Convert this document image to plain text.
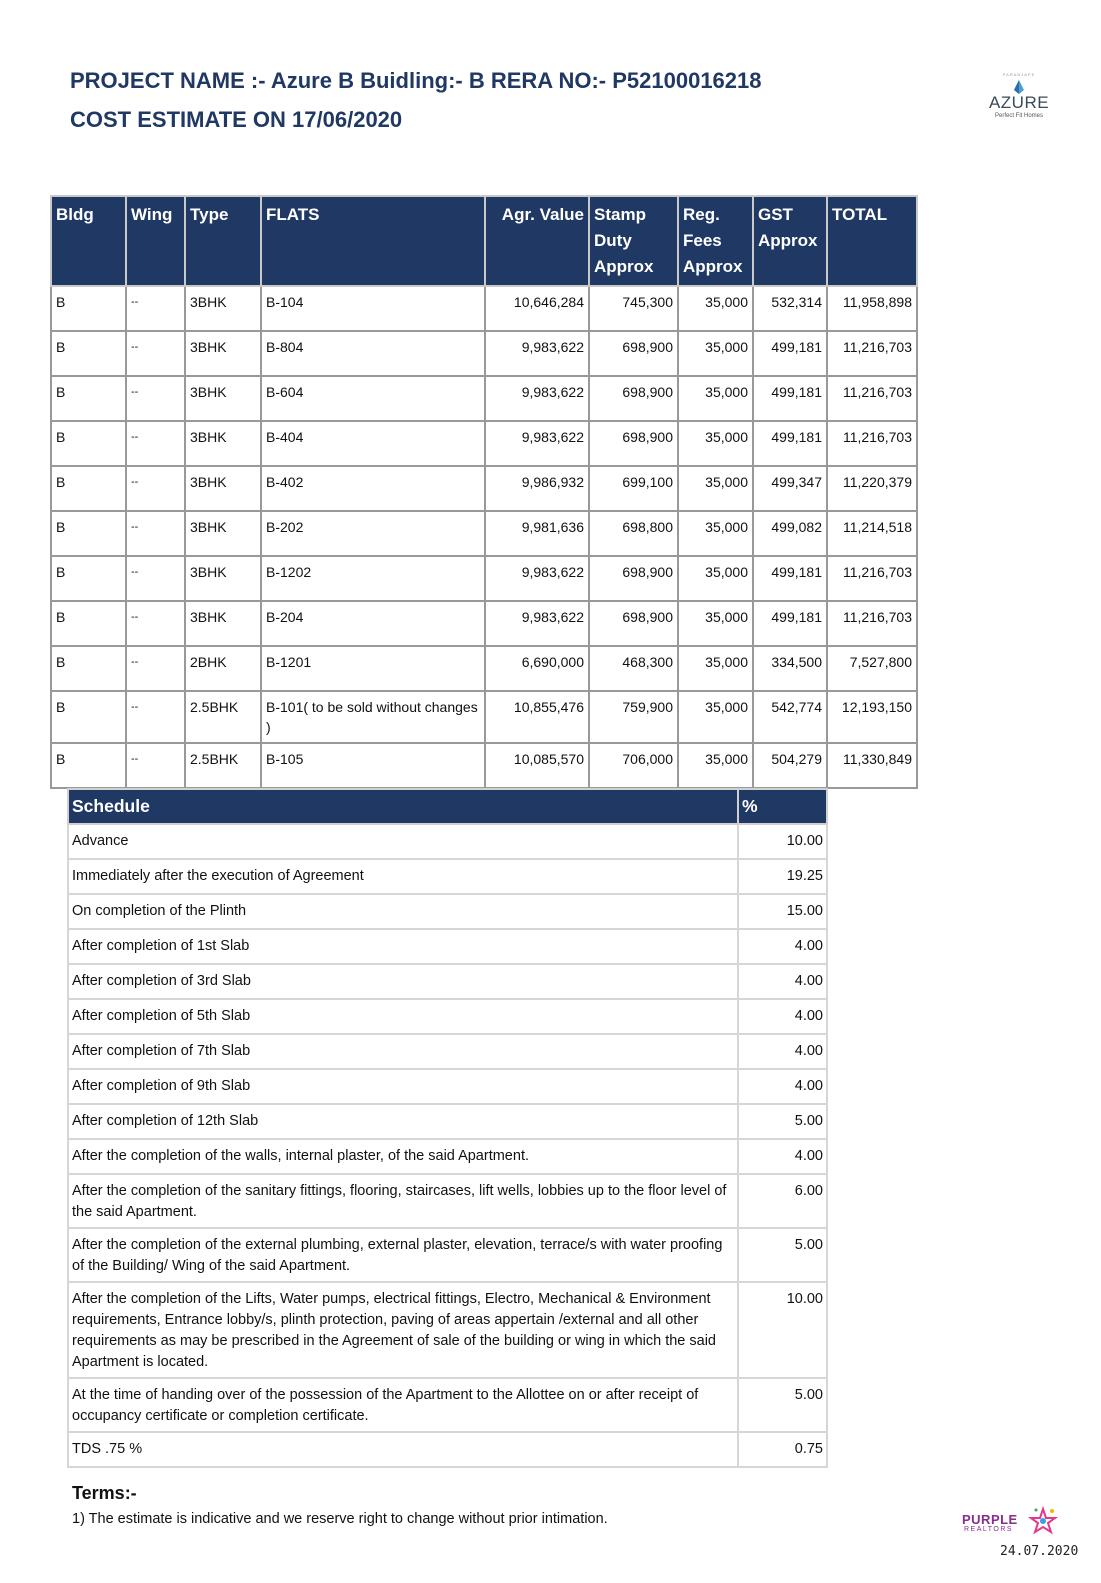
PROJECT NAME :- Azure B Buidling:- B RERA NO:- P52100016218
COST ESTIMATE ON 17/06/2020
PARANJAPE
AZURE
Perfect Fit Homes
Bldg	Wing	Type	FLATS	Agr. Value	Stamp Duty Approx	Reg. Fees Approx	GST Approx	TOTAL
B	--	3BHK	B-104	10,646,284	745,300	35,000	532,314	11,958,898
B	--	3BHK	B-804	9,983,622	698,900	35,000	499,181	11,216,703
B	--	3BHK	B-604	9,983,622	698,900	35,000	499,181	11,216,703
B	--	3BHK	B-404	9,983,622	698,900	35,000	499,181	11,216,703
B	--	3BHK	B-402	9,986,932	699,100	35,000	499,347	11,220,379
B	--	3BHK	B-202	9,981,636	698,800	35,000	499,082	11,214,518
B	--	3BHK	B-1202	9,983,622	698,900	35,000	499,181	11,216,703
B	--	3BHK	B-204	9,983,622	698,900	35,000	499,181	11,216,703
B	--	2BHK	B-1201	6,690,000	468,300	35,000	334,500	7,527,800
B	--	2.5BHK	B-101( to be sold without changes )	10,855,476	759,900	35,000	542,774	12,193,150
B	--	2.5BHK	B-105	10,085,570	706,000	35,000	504,279	11,330,849
Schedule	%
Advance	10.00
Immediately after the execution of Agreement	19.25
On completion of the Plinth	15.00
After completion of 1st Slab	4.00
After completion of 3rd Slab	4.00
After completion of 5th Slab	4.00
After completion of 7th Slab	4.00
After completion of 9th Slab	4.00
After completion of 12th Slab	5.00
After the completion of the walls, internal plaster, of the said Apartment.	4.00
After the completion of the sanitary fittings, flooring, staircases, lift wells, lobbies up to the floor level of the said Apartment.	6.00
After the completion of the external plumbing, external plaster, elevation, terrace/s with water proofing of the Building/ Wing of the said Apartment.	5.00
After the completion of the Lifts, Water pumps, electrical fittings, Electro, Mechanical & Environment requirements, Entrance lobby/s, plinth protection, paving of areas appertain /external and all other requirements as may be prescribed in the Agreement of sale of the building or wing in which the said Apartment is located.	10.00
At the time of handing over of the possession of the Apartment to the Allottee on or after receipt of occupancy certificate or completion certificate.	5.00
TDS .75 %	0.75
Terms:-
1) The estimate is indicative and we reserve right to change without prior intimation.	PURPLE
REALTORS
24.07.2020
